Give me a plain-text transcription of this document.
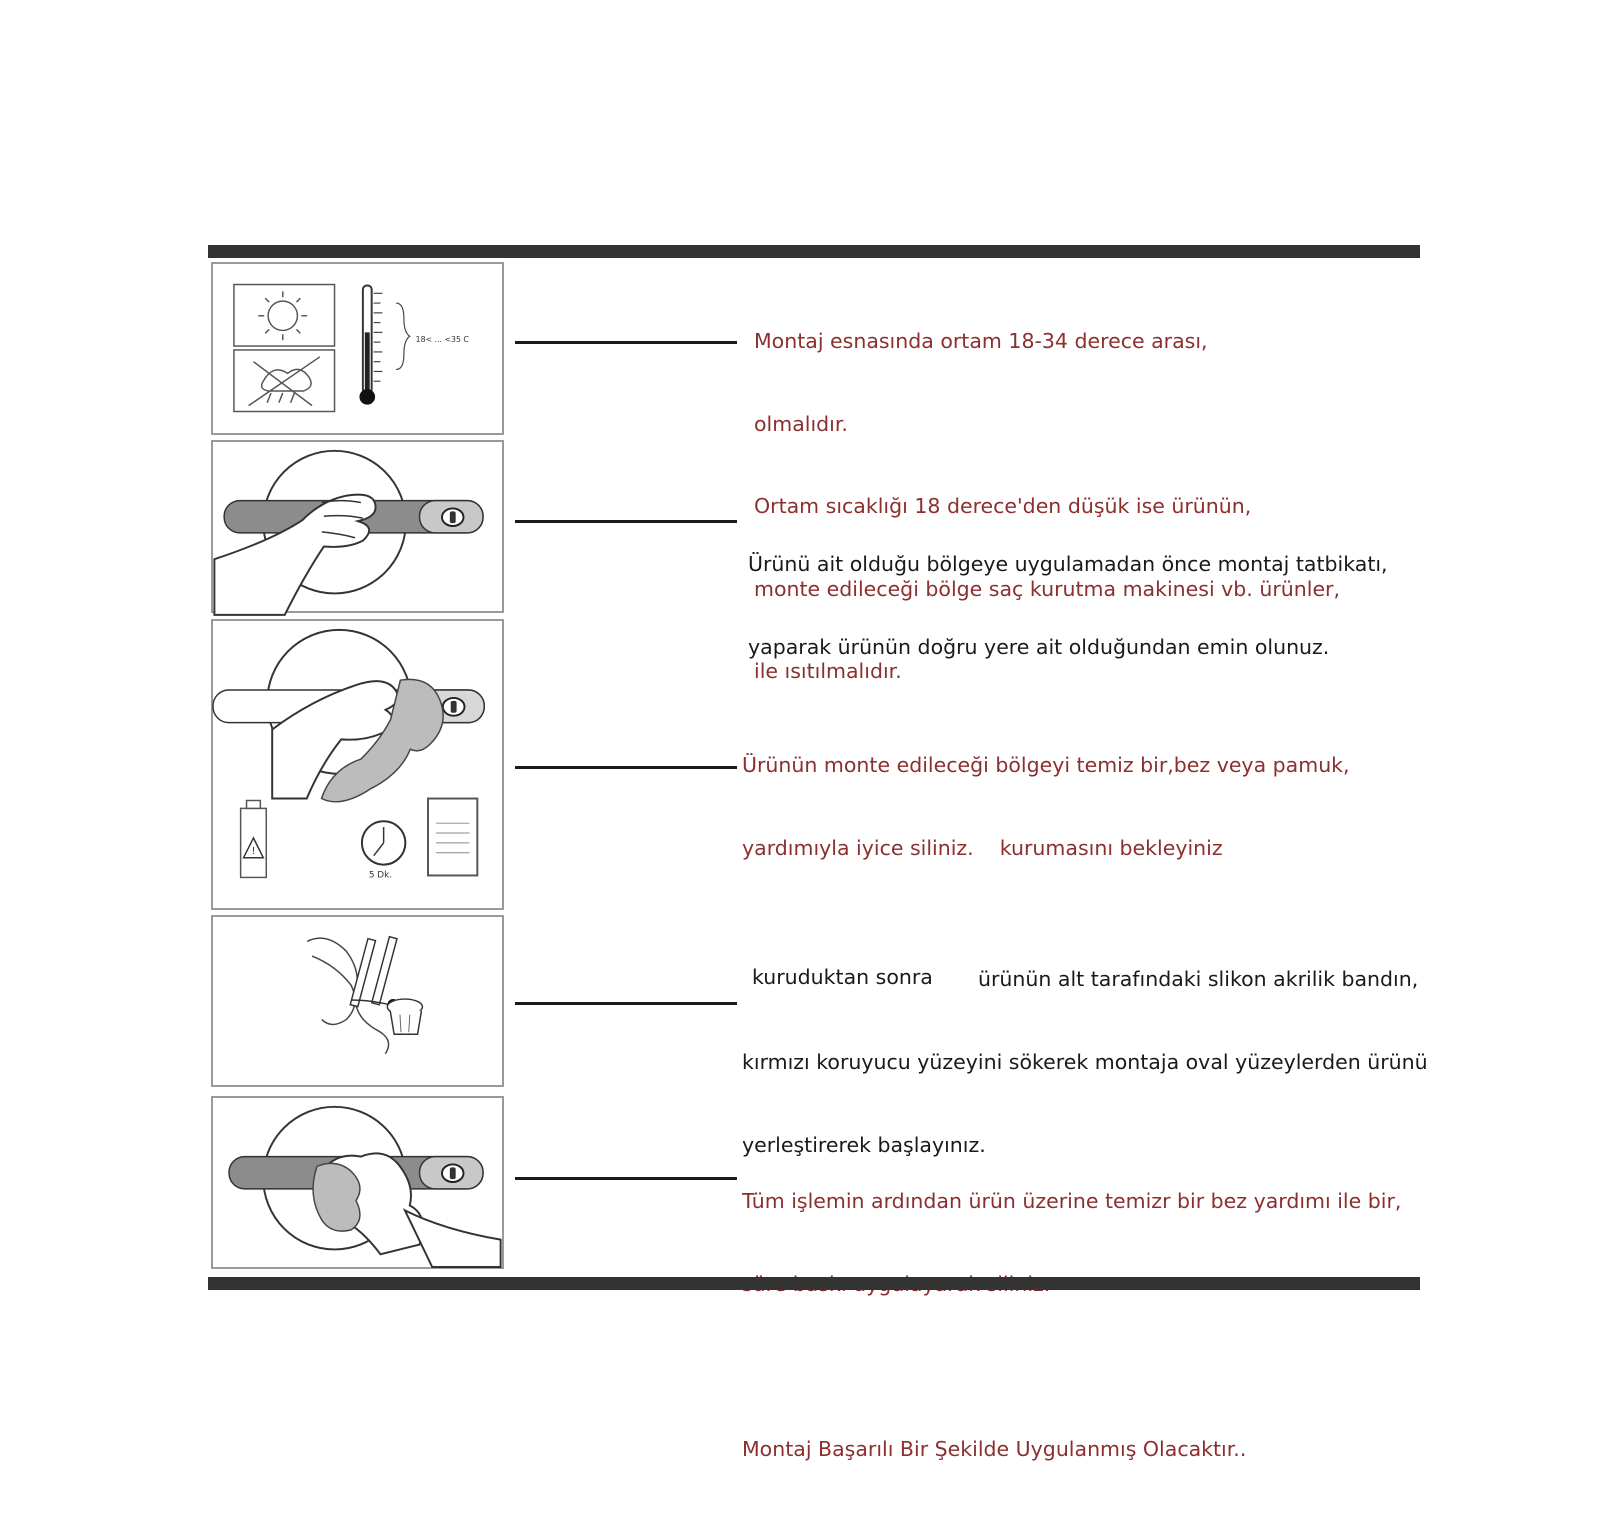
18< ... <35 C

	Montaj esnasında ortam 18-34 derece arası,

olmalıdır.

Ortam sıcaklığı 18 derece'den düşük ise ürünün,

monte edileceği bölge saç kurutma makinesi vb. ürünler,

ile ısıtılmalıdır.

Ürünü ait olduğu bölgeye uygulamadan önce montaj tatbikatı,

yaparak ürünün doğru yere ait olduğundan emin olunuz.

!
5 Dk.

Ürünün monte edileceği bölgeyi temiz bir,bez veya pamuk,

yardımıyla iyice siliniz.    kurumasını bekleyiniz

kuruduktan sonra ürünün alt tarafındaki slikon akrilik bandın,

kırmızı koruyucu yüzeyini sökerek montaja oval yüzeylerden ürünü

yerleştirerek başlayınız.

Tüm işlemin ardından ürün üzerine temizr bir bez yardımı ile bir,

Montaj Başarılı Bir Şekilde Uygulanmış Olacaktır..
